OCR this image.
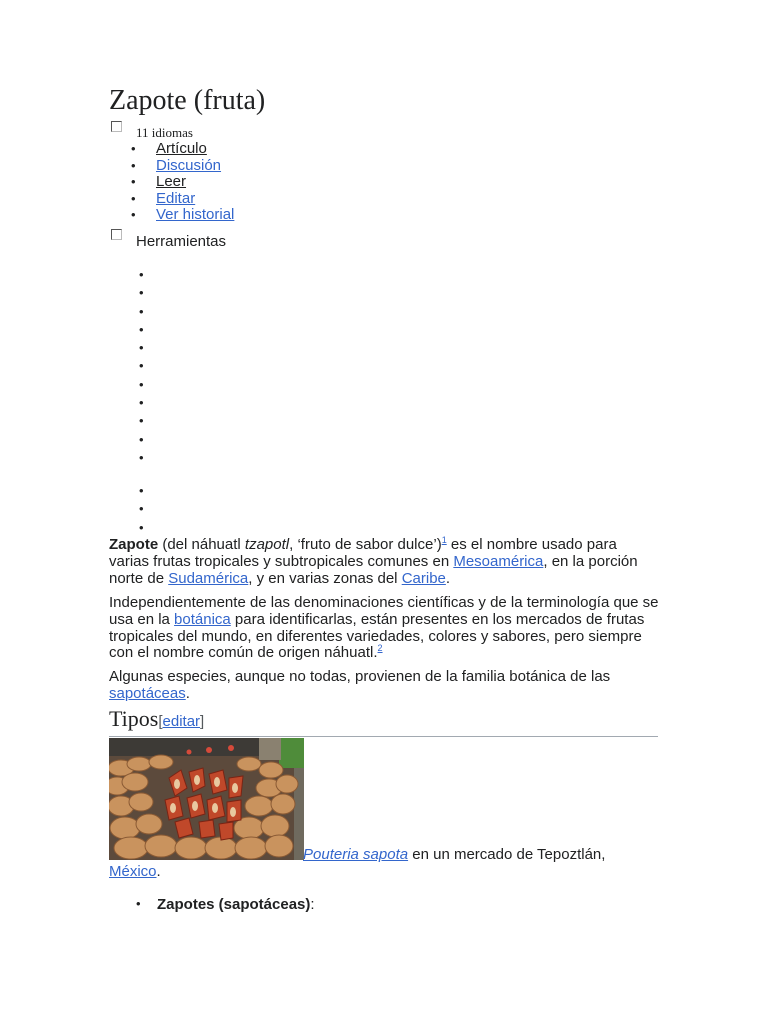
Zapote (fruta)
11 idiomas
• Artículo
• Discusión
• Leer
• Editar
• Ver historial
Herramientas

Zapote (del náhuatl tzapotl, ‘fruto de sabor dulce’)$^1$ es el nombre usado para varias frutas tropicales y subtropicales comunes en Mesoamérica, en la porción norte de Sudamérica, y en varias zonas del Caribe.

Independientemente de las denominaciones científicas y de la terminología que se usa en la botánica para identificarlas, están presentes en los mercados de frutas tropicales del mundo, en diferentes variedades, colores y sabores, pero siempre con el nombre común de origen náhuatl.$^2$

Algunas especies, aunque no todas, provienen de la familia botánica de las sapotáceas.

Tipos[editar]

Pouteria sapota en un mercado de Tepoztlán, México.

• Zapotes (sapotáceas):
